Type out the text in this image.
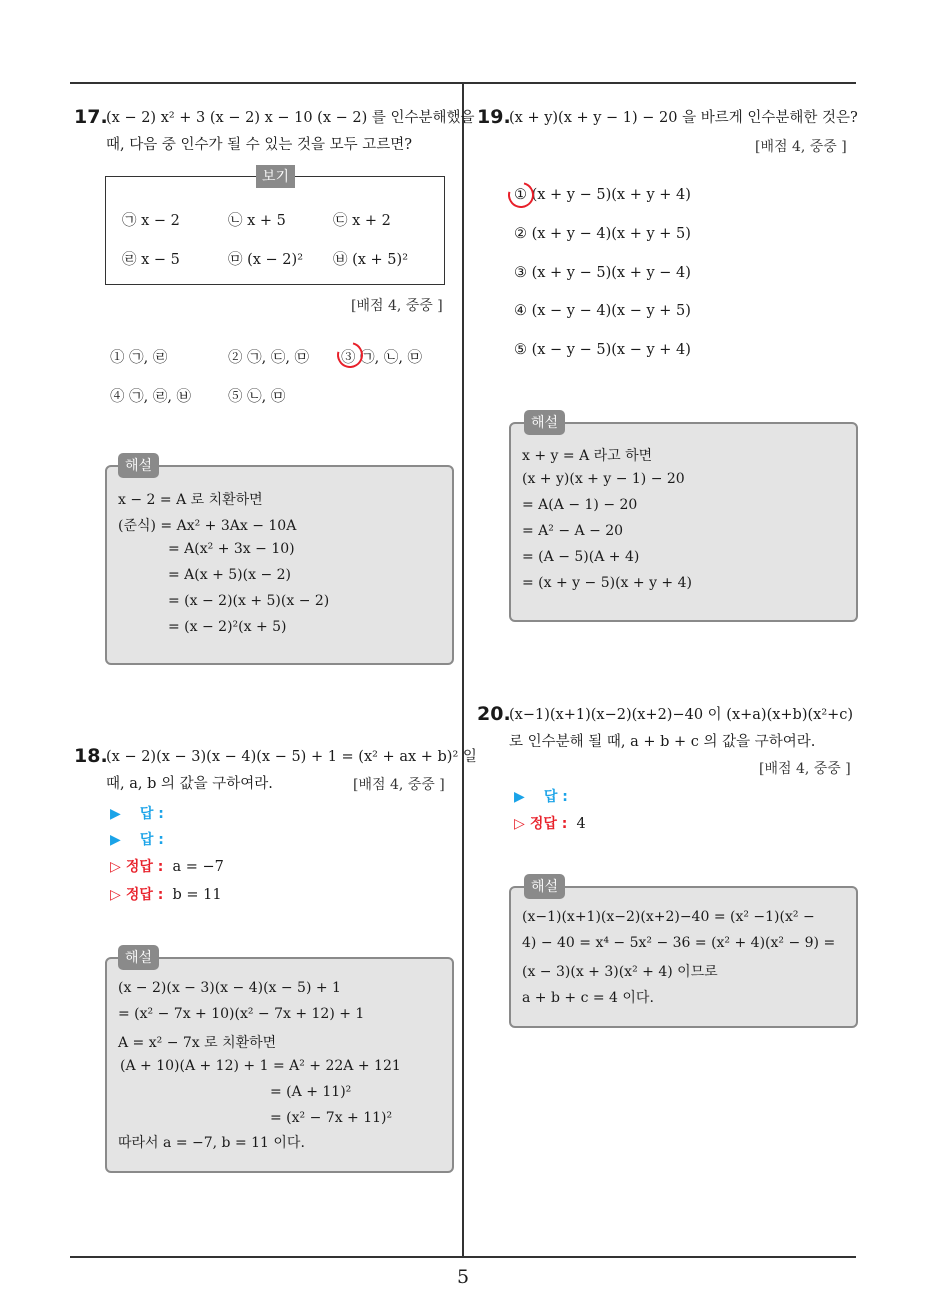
5
17.
(x − 2) x² + 3 (x − 2) x − 10 (x − 2) 를 인수분해했을
때, 다음 중 인수가 될 수 있는 것을 모두 고르면?
보기
㉠ x − 2	㉡ x + 5	㉢ x + 2
㉣ x − 5	㉤ (x − 2)² ㉥ (x + 5)²
[배점 4, 중중 ]
① ㉠, ㉣	② ㉠, ㉢, ㉤ ③ ㉠, ㉡, ㉤
④ ㉠, ㉣, ㉥	⑤ ㉡, ㉤
해설
x − 2 = A 로 치환하면
(준식) = Ax² + 3Ax − 10A
= A(x² + 3x − 10)
= A(x + 5)(x − 2)
= (x − 2)(x + 5)(x − 2)
= (x − 2)²(x + 5)
18.
(x − 2)(x − 3)(x − 4)(x − 5) + 1 = (x² + ax + b)² 일
때, a, b 의 값을 구하여라.	[배점 4, 중중 ]
▶ 답 :
▶ 답 :
▷ 정답 : a = −7
▷ 정답 : b = 11
해설
(x − 2)(x − 3)(x − 4)(x − 5) + 1
= (x² − 7x + 10)(x² − 7x + 12) + 1
A = x² − 7x 로 치환하면
(A + 10)(A + 12) + 1 = A² + 22A + 121
= (A + 11)²
= (x² − 7x + 11)²
따라서 a = −7, b = 11 이다.
19.
(x + y)(x + y − 1) − 20 을 바르게 인수분해한 것은?
[배점 4, 중중 ]
① (x + y − 5)(x + y + 4)
② (x + y − 4)(x + y + 5)
③ (x + y − 5)(x + y − 4)
④ (x − y − 4)(x − y + 5)
⑤ (x − y − 5)(x − y + 4)
해설
x + y = A 라고 하면
(x + y)(x + y − 1) − 20
= A(A − 1) − 20
= A² − A − 20
= (A − 5)(A + 4)
= (x + y − 5)(x + y + 4)
20.
(x−1)(x+1)(x−2)(x+2)−40 이 (x+a)(x+b)(x²+c)
로 인수분해 될 때, a + b + c 의 값을 구하여라.
[배점 4, 중중 ]
▶ 답 :
▷ 정답 : 4
해설
(x−1)(x+1)(x−2)(x+2)−40 = (x² −1)(x² −
4) − 40 = x⁴ − 5x² − 36 = (x² + 4)(x² − 9) =
(x − 3)(x + 3)(x² + 4) 이므로
a + b + c = 4 이다.
